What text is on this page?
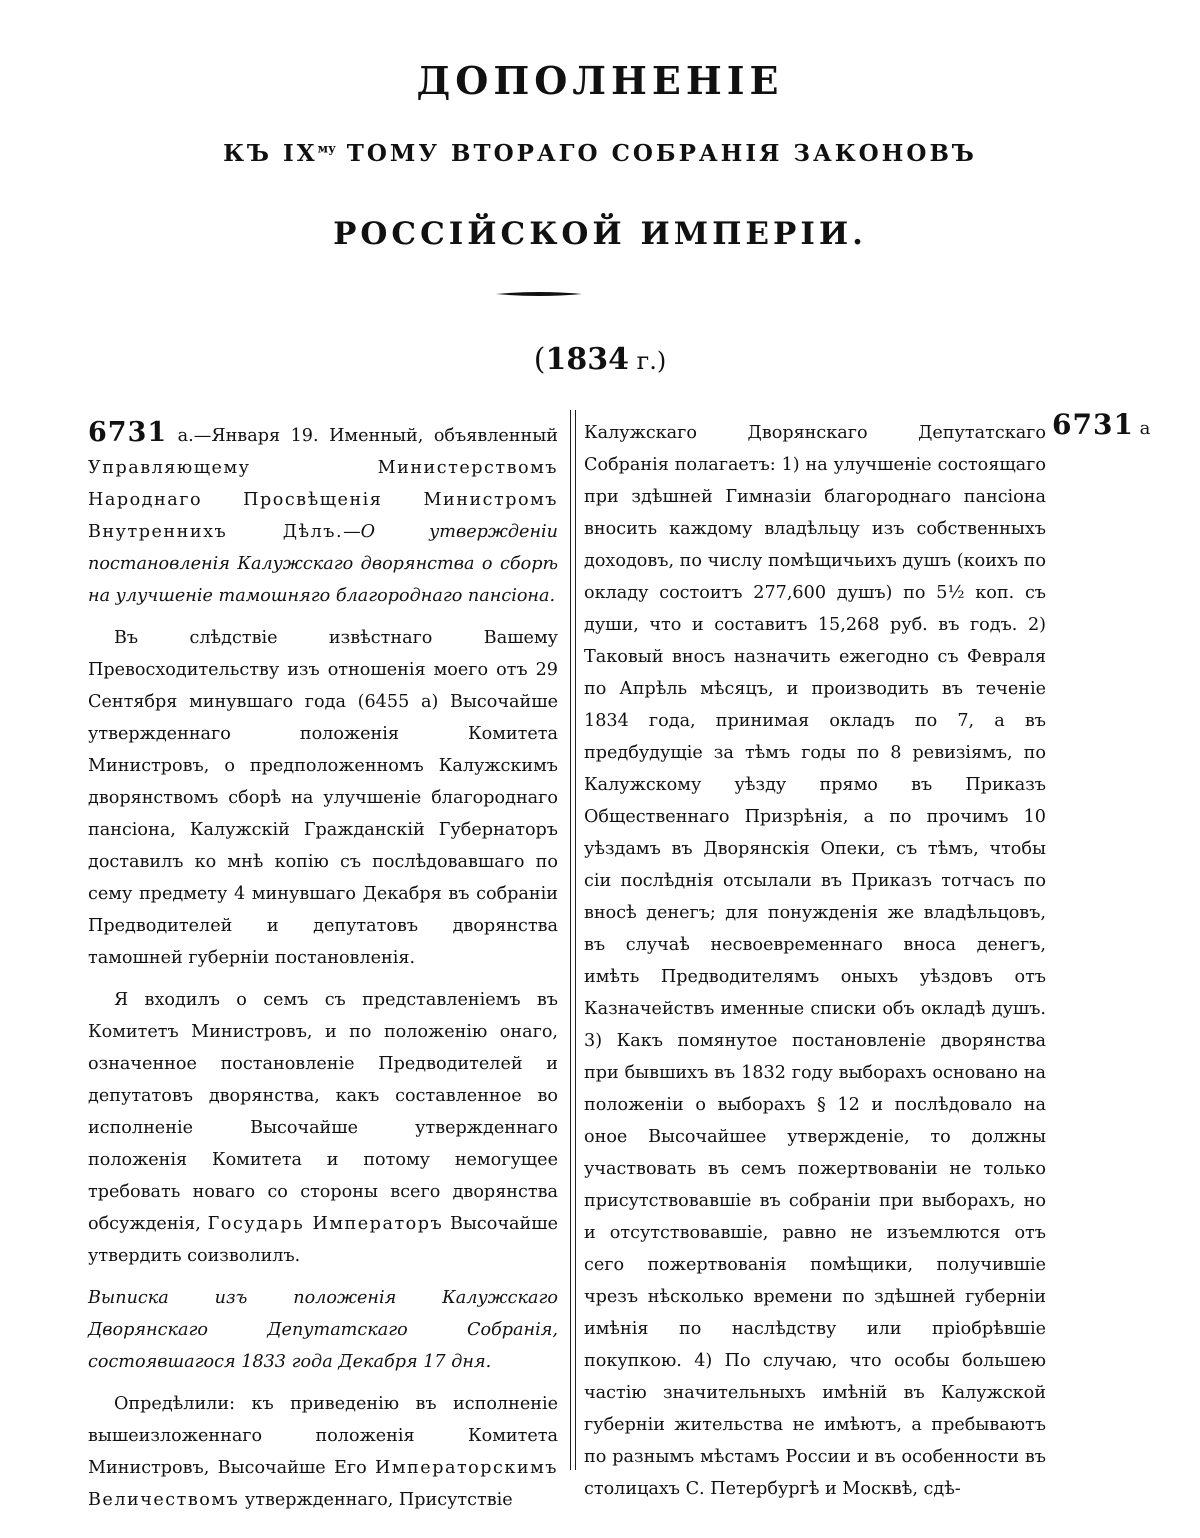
ДОПОЛНЕНІЕ
КЪ $IX^{му}$ ТОМУ ВТОРАГО СОБРАНІЯ ЗАКОНОВЪ
РОССІЙСКОЙ ИМПЕРІИ.
(1834 г.)

6731 а.—Января 19. Именный, объявленный Управляющему Министерствомъ Народнаго Просвѣщенія Министромъ Внутреннихъ Дѣлъ.—О утвержденіи постановленія Калужскаго дворянства о сборѣ на улучшеніе тамошняго благороднаго пансіона.

Въ слѣдствіе извѣстнаго Вашему Превосходительству изъ отношенія моего отъ 29 Сентября минувшаго года (6455 а) Высочайше утвержденнаго положенія Комитета Министровъ, о предположенномъ Калужскимъ дворянствомъ сборѣ на улучшеніе благороднаго пансіона, Калужскій Гражданскій Губернаторъ доставилъ ко мнѣ копію съ послѣдовавшаго по сему предмету 4 минувшаго Декабря въ собраніи Предводителей и депутатовъ дворянства тамошней губерніи постановленія.

Я входилъ о семъ съ представленіемъ въ Комитетъ Министровъ, и по положенію онаго, означенное постановленіе Предводителей и депутатовъ дворянства, какъ составленное во исполненіе Высочайше утвержденнаго положенія Комитета и потому немогущее требовать новаго со стороны всего дворянства обсужденія, Государь Императоръ Высочайше утвердить соизволилъ.

Выписка изъ положенія Калужскаго Дворянскаго Депутатскаго Собранія, состоявшагося 1833 года Декабря 17 дня.

Опредѣлили: къ приведенію въ исполненіе вышеизложеннаго положенія Комитета Министровъ, Высочайше Его Императорскимъ Величествомъ утвержденнаго, Присутствіе

Калужскаго Дворянскаго Депутатскаго Собранія полагаетъ: 1) на улучшеніе состоящаго при здѣшней Гимназіи благороднаго пансіона вносить каждому владѣльцу изъ собственныхъ доходовъ, по числу помѣщичьихъ душъ (коихъ по окладу состоитъ 277,600 душъ) по 5½ коп. съ души, что и составитъ 15,268 руб. въ годъ. 2) Таковый вносъ назначить ежегодно съ Февраля по Апрѣль мѣсяцъ, и производить въ теченіе 1834 года, принимая окладъ по 7, а въ предбудущіе за тѣмъ годы по 8 ревизіямъ, по Калужскому уѣзду прямо въ Приказъ Общественнаго Призрѣнія, а по прочимъ 10 уѣздамъ въ Дворянскія Опеки, съ тѣмъ, чтобы сіи послѣднія отсылали въ Приказъ тотчасъ по вносѣ денегъ; для понужденія же владѣльцовъ, въ случаѣ несвоевременнаго вноса денегъ, имѣть Предводителямъ оныхъ уѣздовъ отъ Казначействъ именные списки объ окладѣ душъ. 3) Какъ помянутое постановленіе дворянства при бывшихъ въ 1832 году выборахъ основано на положеніи о выборахъ § 12 и послѣдовало на оное Высочайшее утвержденіе, то должны участвовать въ семъ пожертвованіи не только присутствовавшіе въ собраніи при выборахъ, но и отсутствовавшіе, равно не изъемлются отъ сего пожертвованія помѣщики, получившіе чрезъ нѣсколько времени по здѣшней губерніи имѣнія по наслѣдству или пріобрѣвшіе покупкою. 4) По случаю, что особы большею частію значительныхъ имѣній въ Калужской губерніи жительства не имѣютъ, а пребываютъ по разнымъ мѣстамъ России и въ особенности въ столицахъ С. Петербургѣ и Москвѣ, сдѣ-

6731 а
